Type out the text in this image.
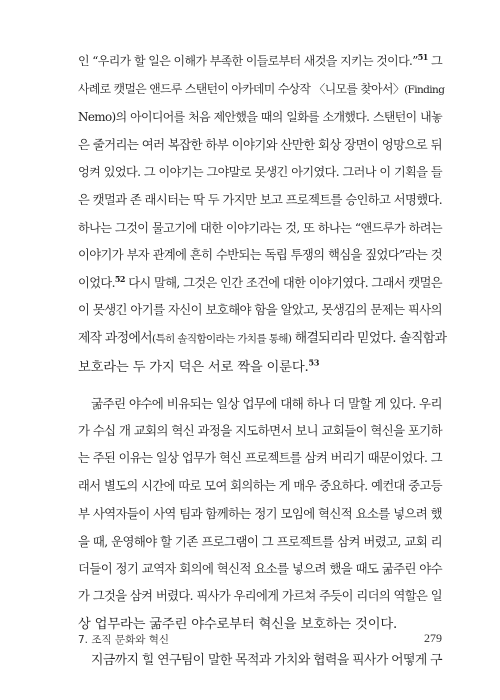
인 “우리가 할 일은 이해가 부족한 이들로부터 새것을 지키는 것이다.”$^{51}$ 그

사례로 캣멀은 앤드루 스탠턴이 아카데미 수상작 〈니모를 찾아서〉(Finding

Nemo)의 아이디어를 처음 제안했을 때의 일화를 소개했다. 스탠턴이 내놓

은 줄거리는 여러 복잡한 하부 이야기와 산만한 회상 장면이 엉망으로 뒤

엉켜 있었다. 그 이야기는 그야말로 못생긴 아기였다. 그러나 이 기획을 들

은 캣멀과 존 래시터는 딱 두 가지만 보고 프로젝트를 승인하고 서명했다.

하나는 그것이 물고기에 대한 이야기라는 것, 또 하나는 “앤드루가 하려는

이야기가 부자 관계에 흔히 수반되는 독립 투쟁의 핵심을 짚었다”라는 것

이었다.$^{52}$ 다시 말해, 그것은 인간 조건에 대한 이야기였다. 그래서 캣멀은

이 못생긴 아기를 자신이 보호해야 함을 알았고, 못생김의 문제는 픽사의

제작 과정에서(특히 솔직함이라는 가치를 통해) 해결되리라 믿었다. 솔직함과

보호라는 두 가지 덕은 서로 짝을 이룬다.$^{53}$

굶주린 야수에 비유되는 일상 업무에 대해 하나 더 말할 게 있다. 우리

가 수십 개 교회의 혁신 과정을 지도하면서 보니 교회들이 혁신을 포기하

는 주된 이유는 일상 업무가 혁신 프로젝트를 삼켜 버리기 때문이었다. 그

래서 별도의 시간에 따로 모여 회의하는 게 매우 중요하다. 예컨대 중고등

부 사역자들이 사역 팀과 함께하는 정기 모임에 혁신적 요소를 넣으려 했

을 때, 운영해야 할 기존 프로그램이 그 프로젝트를 삼켜 버렸고, 교회 리

더들이 정기 교역자 회의에 혁신적 요소를 넣으려 했을 때도 굶주린 야수

가 그것을 삼켜 버렸다. 픽사가 우리에게 가르쳐 주듯이 리더의 역할은 일

상 업무라는 굶주린 야수로부터 혁신을 보호하는 것이다.

지금까지 힐 연구팀이 말한 목적과 가치와 협력을 픽사가 어떻게 구

7. 조직 문화와 혁신	279
